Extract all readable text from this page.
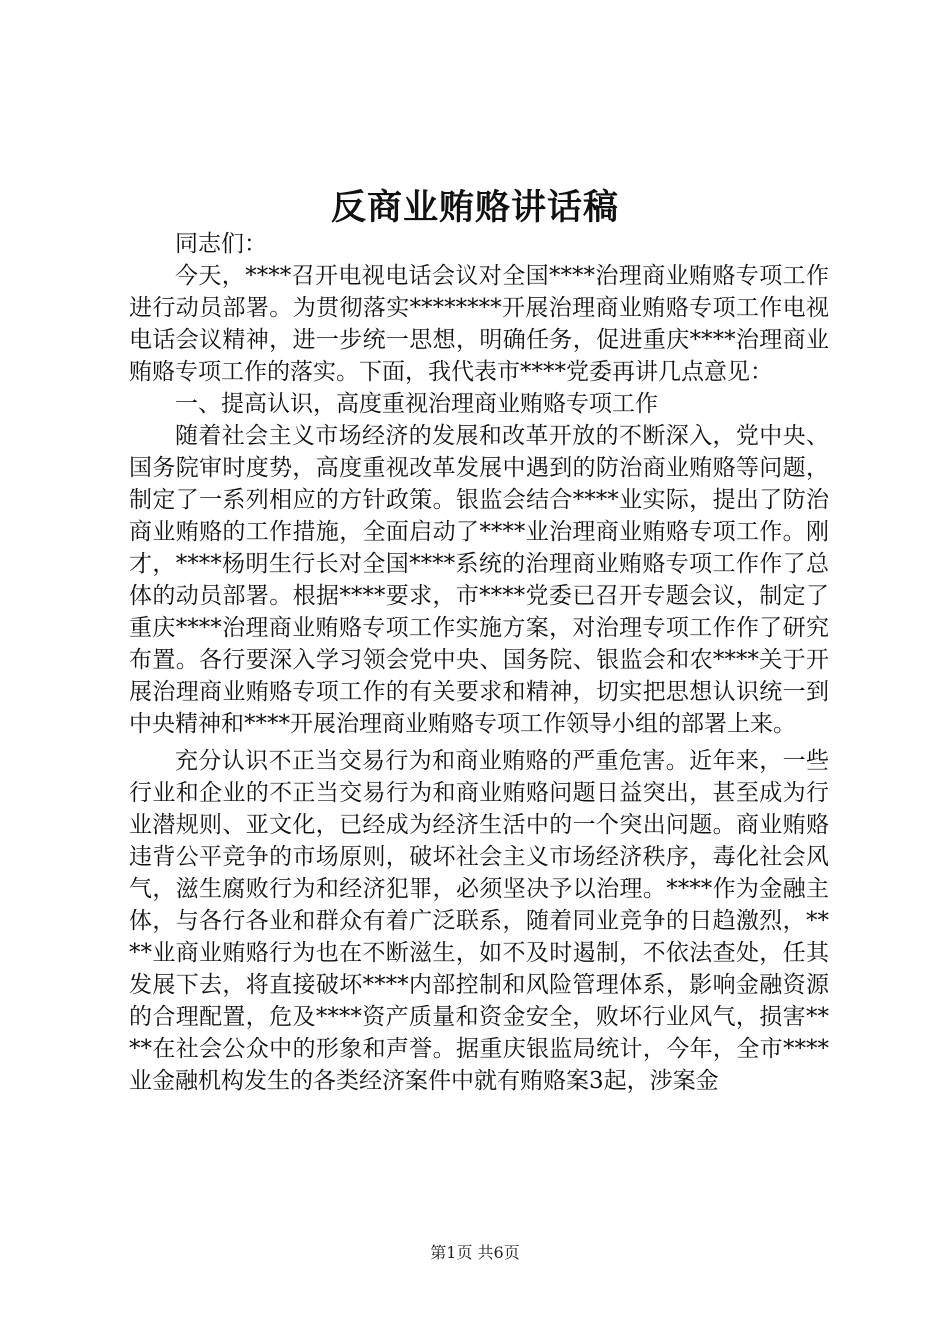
反商业贿赂讲话稿

同志们：

今天，****召开电视电话会议对全国****治理商业贿赂专项工作进行动员部署。为贯彻落实********开展治理商业贿赂专项工作电视电话会议精神，进一步统一思想，明确任务，促进重庆****治理商业贿赂专项工作的落实。下面，我代表市****党委再讲几点意见：

一、提高认识，高度重视治理商业贿赂专项工作

随着社会主义市场经济的发展和改革开放的不断深入，党中央、国务院审时度势，高度重视改革发展中遇到的防治商业贿赂等问题，制定了一系列相应的方针政策。银监会结合****业实际，提出了防治商业贿赂的工作措施，全面启动了****业治理商业贿赂专项工作。刚才，****杨明生行长对全国****系统的治理商业贿赂专项工作作了总体的动员部署。根据****要求，市****党委已召开专题会议，制定了重庆****治理商业贿赂专项工作实施方案，对治理专项工作作了研究布置。各行要深入学习领会党中央、国务院、银监会和农****关于开展治理商业贿赂专项工作的有关要求和精神，切实把思想认识统一到中央精神和****开展治理商业贿赂专项工作领导小组的部署上来。

充分认识不正当交易行为和商业贿赂的严重危害。近年来，一些行业和企业的不正当交易行为和商业贿赂问题日益突出，甚至成为行业潜规则、亚文化，已经成为经济生活中的一个突出问题。商业贿赂违背公平竞争的市场原则，破坏社会主义市场经济秩序，毒化社会风气，滋生腐败行为和经济犯罪，必须坚决予以治理。****作为金融主体，与各行各业和群众有着广泛联系，随着同业竞争的日趋激烈，****业商业贿赂行为也在不断滋生，如不及时遏制，不依法查处，任其发展下去，将直接破坏****内部控制和风险管理体系，影响金融资源的合理配置，危及****资产质量和资金安全，败坏行业风气，损害****在社会公众中的形象和声誉。据重庆银监局统计，今年，全市****业金融机构发生的各类经济案件中就有贿赂案3起，涉案金

第1页 共6页
